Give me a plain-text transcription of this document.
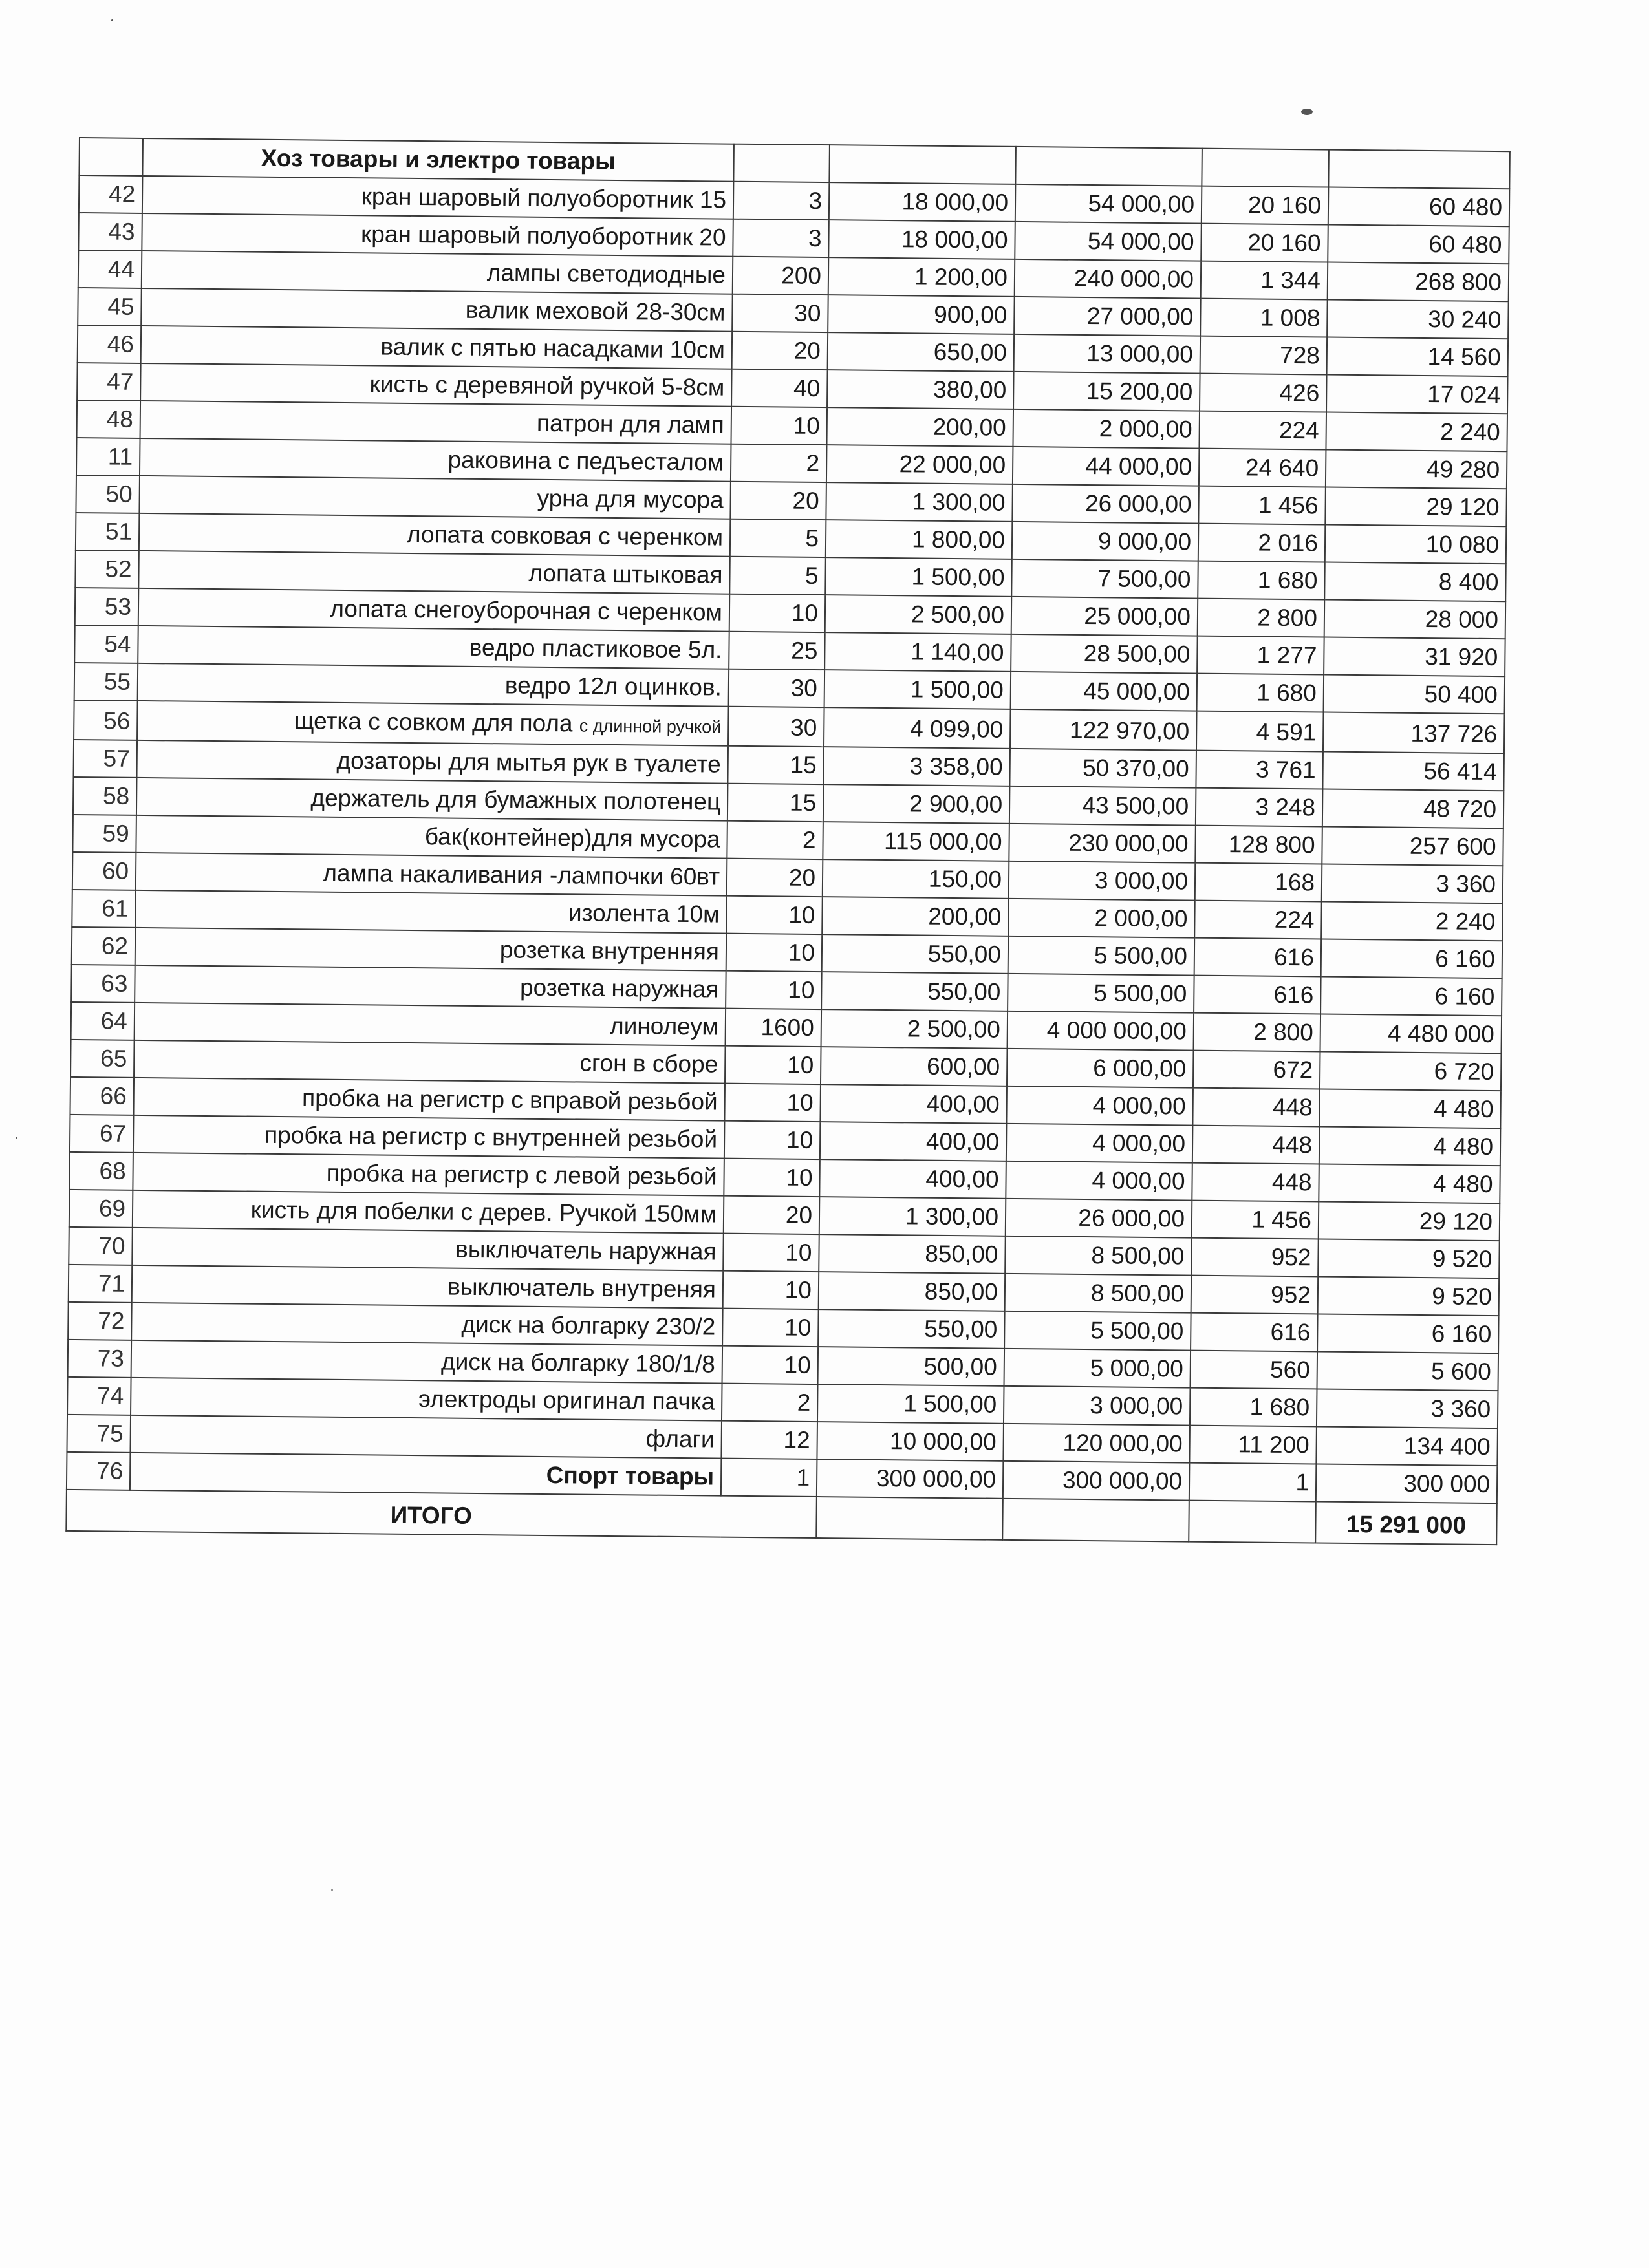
	Хоз товары и электро товары					
42	кран шаровый полуоборотник 15	3	18 000,00	54 000,00	20 160	60 480
43	кран шаровый полуоборотник 20	3	18 000,00	54 000,00	20 160	60 480
44	лампы светодиодные	200	1 200,00	240 000,00	1 344	268 800
45	валик меховой 28-30см	30	900,00	27 000,00	1 008	30 240
46	валик с пятью насадками 10см	20	650,00	13 000,00	728	14 560
47	кисть с деревяной ручкой 5-8см	40	380,00	15 200,00	426	17 024
48	патрон для ламп	10	200,00	2 000,00	224	2 240
11	раковина с педъесталом	2	22 000,00	44 000,00	24 640	49 280
50	урна для мусора	20	1 300,00	26 000,00	1 456	29 120
51	лопата совковая с черенком	5	1 800,00	9 000,00	2 016	10 080
52	лопата штыковая	5	1 500,00	7 500,00	1 680	8 400
53	лопата снегоуборочная с черенком	10	2 500,00	25 000,00	2 800	28 000
54	ведро пластиковое 5л.	25	1 140,00	28 500,00	1 277	31 920
55	ведро 12л оцинков.	30	1 500,00	45 000,00	1 680	50 400
56	щетка с совком для пола с длинной ручкой	30	4 099,00	122 970,00	4 591	137 726
57	дозаторы для мытья рук в туалете	15	3 358,00	50 370,00	3 761	56 414
58	держатель для бумажных полотенец	15	2 900,00	43 500,00	3 248	48 720
59	бак(контейнер)для мусора	2	115 000,00	230 000,00	128 800	257 600
60	лампа накаливания -лампочки 60вт	20	150,00	3 000,00	168	3 360
61	изолента 10м	10	200,00	2 000,00	224	2 240
62	розетка внутренняя	10	550,00	5 500,00	616	6 160
63	розетка наружная	10	550,00	5 500,00	616	6 160
64	линолеум	1600	2 500,00	4 000 000,00	2 800	4 480 000
65	сгон в сборе	10	600,00	6 000,00	672	6 720
66	пробка на регистр с вправой резьбой	10	400,00	4 000,00	448	4 480
67	пробка на регистр с внутренней резьбой	10	400,00	4 000,00	448	4 480
68	пробка на регистр с левой резьбой	10	400,00	4 000,00	448	4 480
69	кисть для побелки с дерев. Ручкой 150мм	20	1 300,00	26 000,00	1 456	29 120
70	выключатель наружная	10	850,00	8 500,00	952	9 520
71	выключатель внутреняя	10	850,00	8 500,00	952	9 520
72	диск на болгарку 230/2	10	550,00	5 500,00	616	6 160
73	диск на болгарку 180/1/8	10	500,00	5 000,00	560	5 600
74	электроды оригинал пачка	2	1 500,00	3 000,00	1 680	3 360
75	флаги	12	10 000,00	120 000,00	11 200	134 400
76	Спорт товары	1	300 000,00	300 000,00	1	300 000
ИТОГО						15 291 000
